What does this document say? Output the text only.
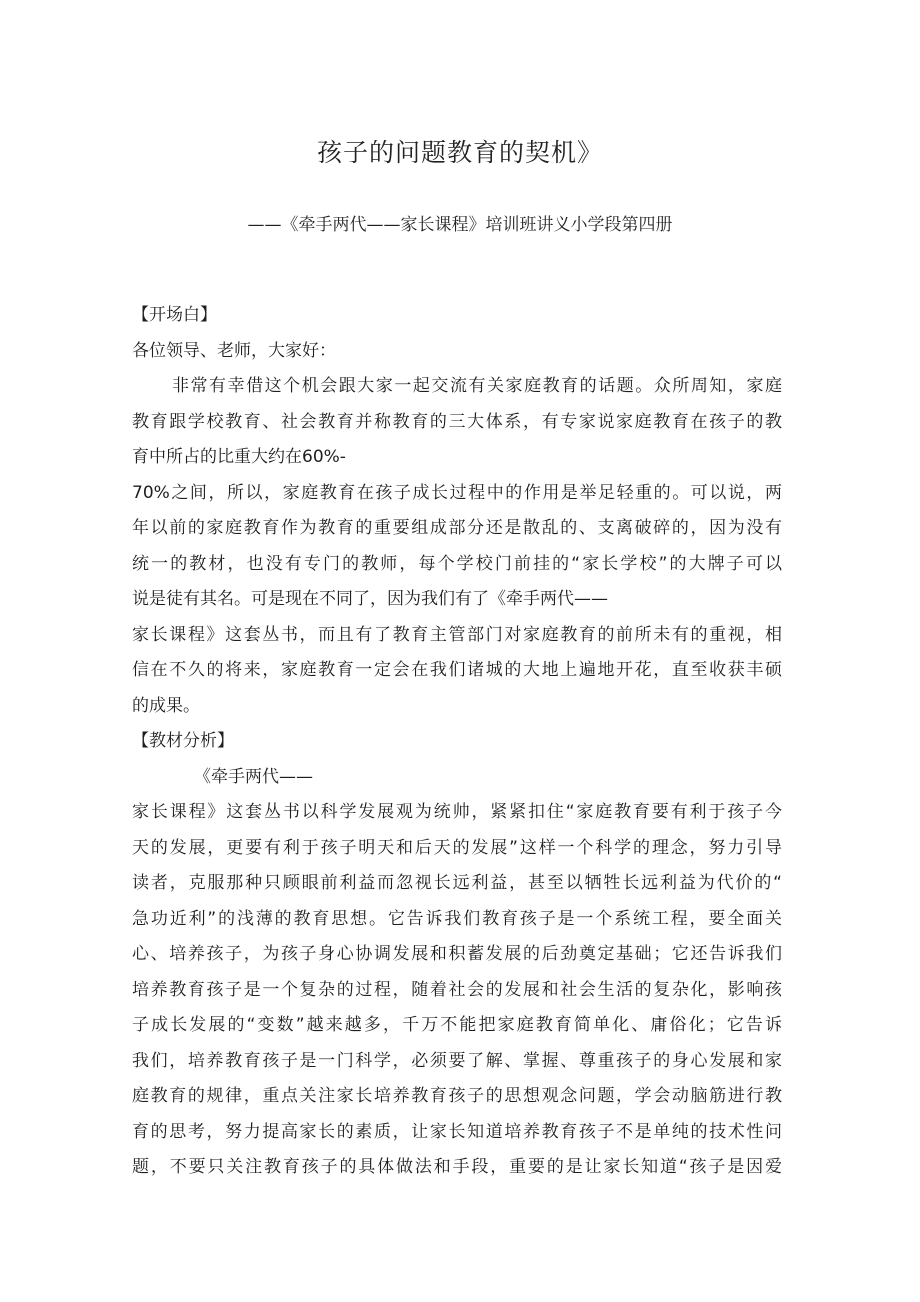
孩子的问题教育的契机》
——《牵手两代——家长课程》培训班讲义小学段第四册
【开场白】
各位领导、老师，大家好：
非常有幸借这个机会跟大家一起交流有关家庭教育的话题。众所周知，家庭
教育跟学校教育、社会教育并称教育的三大体系，有专家说家庭教育在孩子的教
育中所占的比重大约在60%-
70%之间，所以，家庭教育在孩子成长过程中的作用是举足轻重的。可以说，两
年以前的家庭教育作为教育的重要组成部分还是散乱的、支离破碎的，因为没有
统一的教材，也没有专门的教师，每个学校门前挂的“家长学校”的大牌子可以
说是徒有其名。可是现在不同了，因为我们有了《牵手两代——
家长课程》这套丛书，而且有了教育主管部门对家庭教育的前所未有的重视，相
信在不久的将来，家庭教育一定会在我们诸城的大地上遍地开花，直至收获丰硕
的成果。
【教材分析】
《牵手两代——
家长课程》这套丛书以科学发展观为统帅，紧紧扣住“家庭教育要有利于孩子今
天的发展，更要有利于孩子明天和后天的发展”这样一个科学的理念，努力引导
读者，克服那种只顾眼前利益而忽视长远利益，甚至以牺牲长远利益为代价的“
急功近利”的浅薄的教育思想。它告诉我们教育孩子是一个系统工程，要全面关
心、培养孩子，为孩子身心协调发展和积蓄发展的后劲奠定基础；它还告诉我们
培养教育孩子是一个复杂的过程，随着社会的发展和社会生活的复杂化，影响孩
子成长发展的“变数”越来越多，千万不能把家庭教育简单化、庸俗化；它告诉
我们，培养教育孩子是一门科学，必须要了解、掌握、尊重孩子的身心发展和家
庭教育的规律，重点关注家长培养教育孩子的思想观念问题，学会动脑筋进行教
育的思考，努力提高家长的素质，让家长知道培养教育孩子不是单纯的技术性问
题，不要只关注教育孩子的具体做法和手段，重要的是让家长知道“孩子是因爱
